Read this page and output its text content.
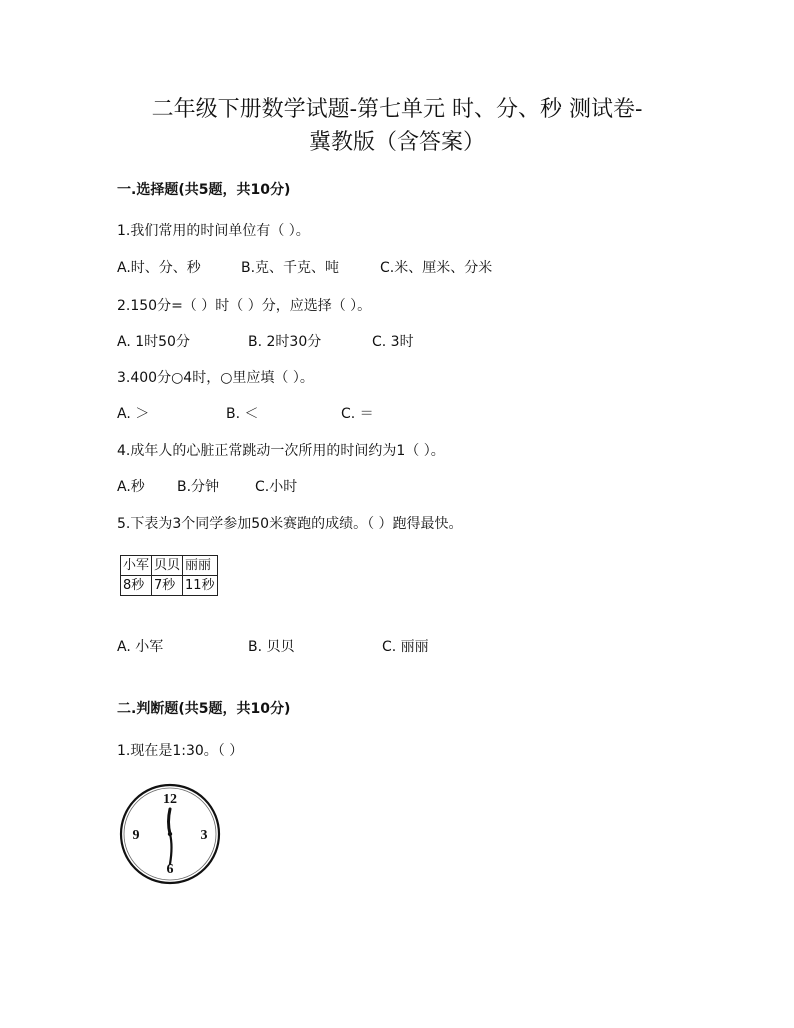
二年级下册数学试题-第七单元 时、分、秒 测试卷-
冀教版（含答案）
一.选择题(共5题，共10分)
1.我们常用的时间单位有（ ）。
A.时、分、秒	B.克、千克、吨	C.米、厘米、分米
2.150分=（ ）时（ ）分，应选择（ ）。
A. 1时50分	B. 2时30分	C. 3时
3.400分○4时，○里应填（ ）。
A. ＞	B. ＜	C. ＝
4.成年人的心脏正常跳动一次所用的时间约为1（ ）。
A.秒 B.分钟	C.小时
5.下表为3个同学参加50米赛跑的成绩。（ ）跑得最快。
小军	贝贝	丽丽
8秒	7秒	11秒
A. 小军	B. 贝贝	C. 丽丽
二.判断题(共5题，共10分)
1.现在是1:30。（ ）
12
3
6
9
